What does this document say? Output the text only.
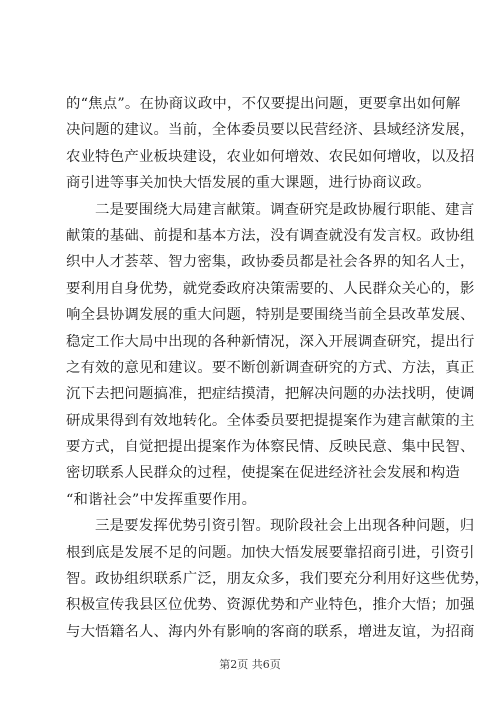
的“焦点”。在协商议政中，不仅要提出问题，更要拿出如何解
决问题的建议。当前，全体委员要以民营经济、县域经济发展，
农业特色产业板块建设，农业如何增效、农民如何增收，以及招
商引进等事关加快大悟发展的重大课题，进行协商议政。
二是要围绕大局建言献策。调查研究是政协履行职能、建言
献策的基础、前提和基本方法，没有调查就没有发言权。政协组
织中人才荟萃、智力密集，政协委员都是社会各界的知名人士，
要利用自身优势，就党委政府决策需要的、人民群众关心的，影
响全县协调发展的重大问题，特别是要围绕当前全县改革发展、
稳定工作大局中出现的各种新情况，深入开展调查研究，提出行
之有效的意见和建议。要不断创新调查研究的方式、方法，真正
沉下去把问题搞准，把症结摸清，把解决问题的办法找明，使调
研成果得到有效地转化。全体委员要把提提案作为建言献策的主
要方式，自觉把提出提案作为体察民情、反映民意、集中民智、
密切联系人民群众的过程，使提案在促进经济社会发展和构造
“和谐社会”中发挥重要作用。
三是要发挥优势引资引智。现阶段社会上出现各种问题，归
根到底是发展不足的问题。加快大悟发展要靠招商引进，引资引
智。政协组织联系广泛，朋友众多，我们要充分利用好这些优势，
积极宣传我县区位优势、资源优势和产业特色，推介大悟；加强
与大悟籍名人、海内外有影响的客商的联系，增进友谊，为招商
第2页 共6页
